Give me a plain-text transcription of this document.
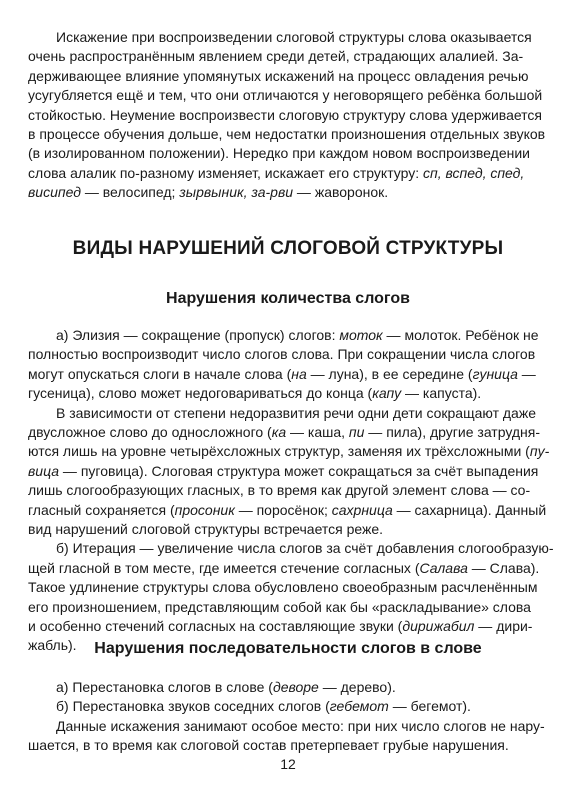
Искажение при воспроизведении слоговой структуры слова оказывается
очень распространённым явлением среди детей, страдающих алалией. За-
держивающее влияние упомянутых искажений на процесс овладения речью
усугубляется ещё и тем, что они отличаются у неговорящего ребёнка большой
стойкостью. Неумение воспроизвести слоговую структуру слова удерживается
в процессе обучения дольше, чем недостатки произношения отдельных звуков
(в изолированном положении). Нередко при каждом новом воспроизведении
слова алалик по-разному изменяет, искажает его структуру: сп, вспед, спед,
висипед — велосипед; зырвыник, за-рви — жаворонок.
ВИДЫ НАРУШЕНИЙ СЛОГОВОЙ СТРУКТУРЫ
Нарушения количества слогов
а) Элизия — сокращение (пропуск) слогов: моток — молоток. Ребёнок не
полностью воспроизводит число слогов слова. При сокращении числа слогов
могут опускаться слоги в начале слова (на — луна), в ее середине (гуница —
гусеница), слово может недоговариваться до конца (капу — капуста).
В зависимости от степени недоразвития речи одни дети сокращают даже
двусложное слово до односложного (ка — каша, пи — пила), другие затрудня-
ются лишь на уровне четырёхсложных структур, заменяя их трёхсложными (пу-
вица — пуговица). Слоговая структура может сокращаться за счёт выпадения
лишь слогообразующих гласных, в то время как другой элемент слова — со-
гласный сохраняется (просоник — поросёнок; сахрница — сахарница). Данный
вид нарушений слоговой структуры встречается реже.
б) Итерация — увеличение числа слогов за счёт добавления слогообразую-
щей гласной в том месте, где имеется стечение согласных (Салава — Слава).
Такое удлинение структуры слова обусловлено своеобразным расчленённым
его произношением, представляющим собой как бы «раскладывание» слова
и особенно стечений согласных на составляющие звуки (дирижабил — дири-
жабль).	Нарушения последовательности слогов в слове
а) Перестановка слогов в слове (деворе — дерево).
б) Перестановка звуков соседних слогов (гебемот — бегемот).
Данные искажения занимают особое место: при них число слогов не нару-
шается, в то время как слоговой состав претерпевает грубые нарушения.
12
